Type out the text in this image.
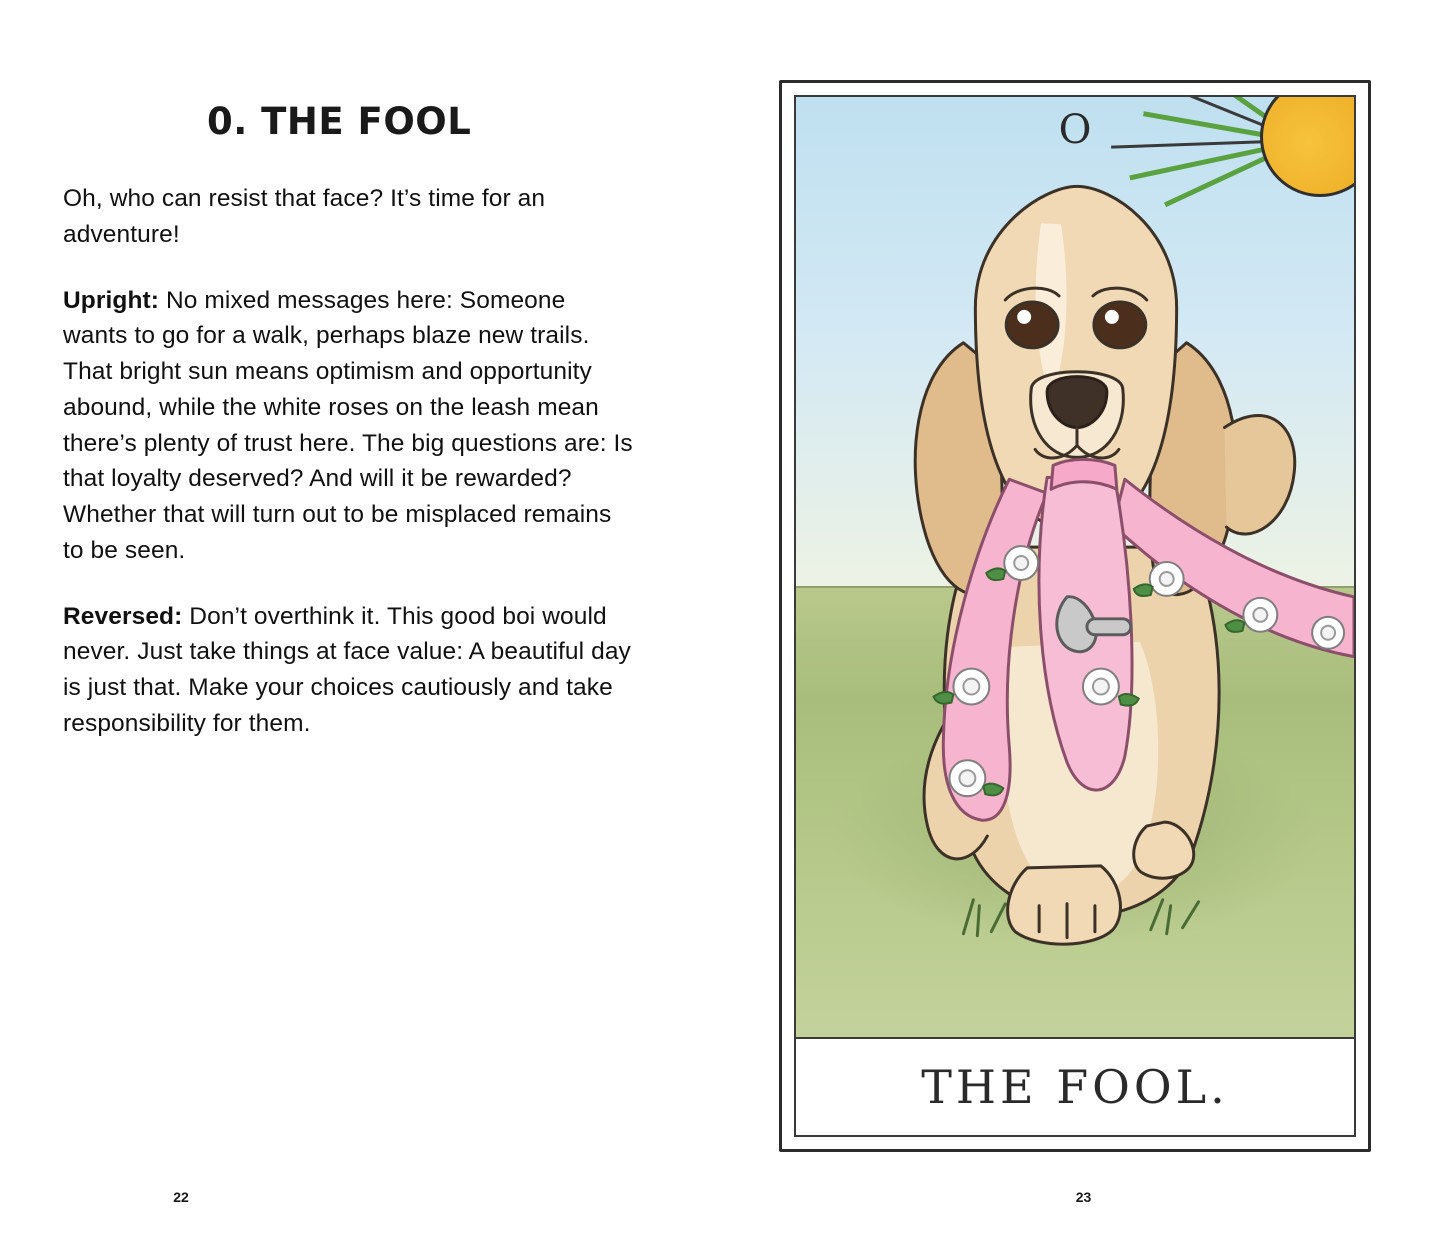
0. THE FOOL

Oh, who can resist that face? It’s time for an adventure!

Upright: No mixed messages here: Someone wants to go for a walk, perhaps blaze new trails. That bright sun means optimism and opportunity abound, while the white roses on the leash mean there’s plenty of trust here. The big questions are: Is that loyalty deserved? And will it be rewarded? Whether that will turn out to be misplaced remains to be seen.

Reversed: Don’t overthink it. This good boi would never. Just take things at face value: A beautiful day is just that. Make your choices cautiously and take responsibility for them.

22
O
THE FOOL.
23
